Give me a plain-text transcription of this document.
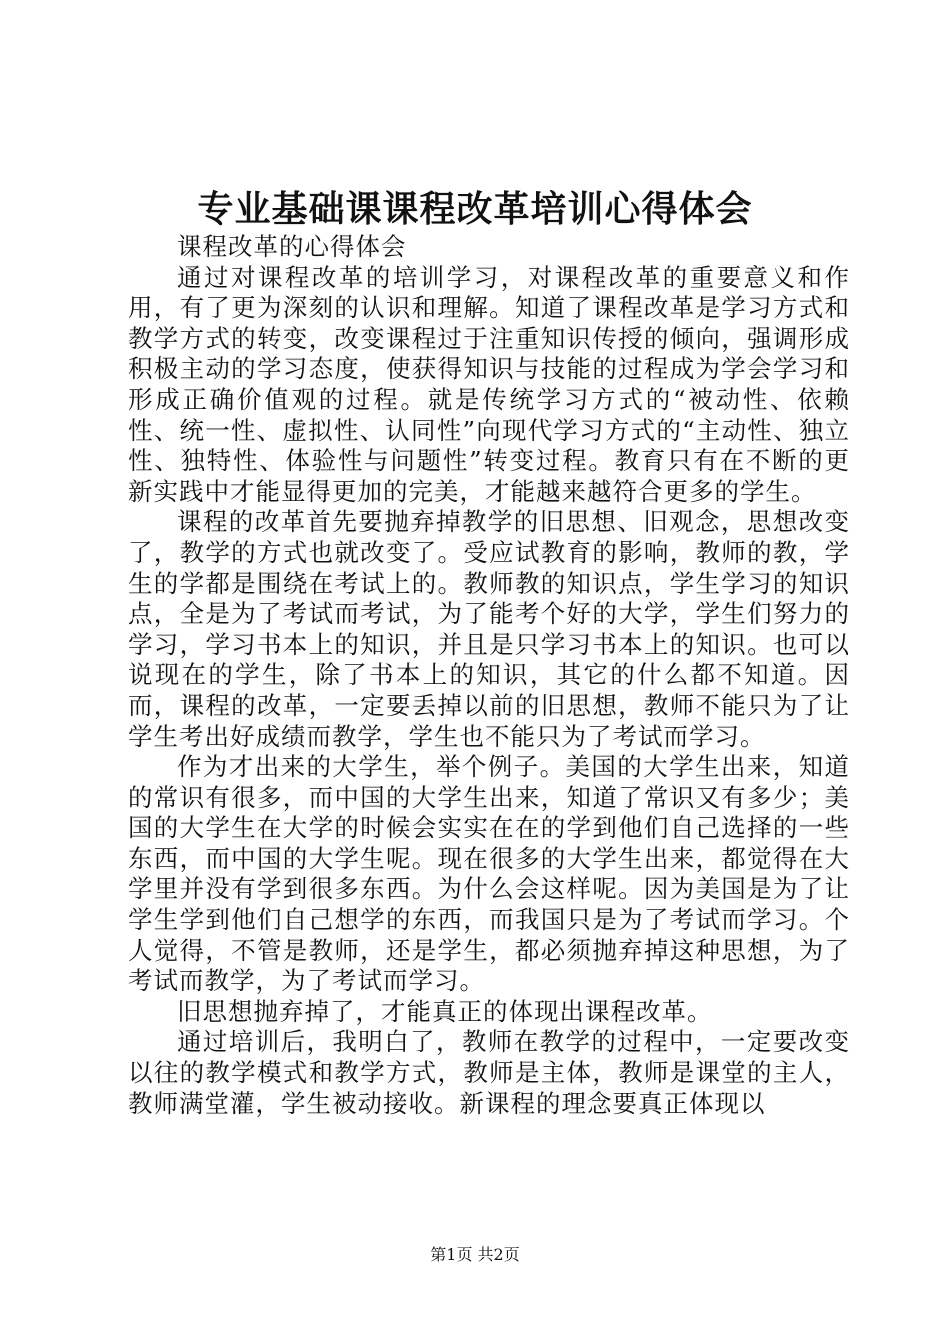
专业基础课课程改革培训心得体会

课程改革的心得体会

通过对课程改革的培训学习，对课程改革的重要意义和作用，有了更为深刻的认识和理解。知道了课程改革是学习方式和教学方式的转变，改变课程过于注重知识传授的倾向，强调形成积极主动的学习态度，使获得知识与技能的过程成为学会学习和形成正确价值观的过程。就是传统学习方式的“被动性、依赖性、统一性、虚拟性、认同性”向现代学习方式的“主动性、独立性、独特性、体验性与问题性”转变过程。教育只有在不断的更新实践中才能显得更加的完美，才能越来越符合更多的学生。

课程的改革首先要抛弃掉教学的旧思想、旧观念，思想改变了，教学的方式也就改变了。受应试教育的影响，教师的教，学生的学都是围绕在考试上的。教师教的知识点，学生学习的知识点，全是为了考试而考试，为了能考个好的大学，学生们努力的学习，学习书本上的知识，并且是只学习书本上的知识。也可以说现在的学生，除了书本上的知识，其它的什么都不知道。因而，课程的改革，一定要丢掉以前的旧思想，教师不能只为了让学生考出好成绩而教学，学生也不能只为了考试而学习。

作为才出来的大学生，举个例子。美国的大学生出来，知道的常识有很多，而中国的大学生出来，知道了常识又有多少；美国的大学生在大学的时候会实实在在的学到他们自己选择的一些东西，而中国的大学生呢。现在很多的大学生出来，都觉得在大学里并没有学到很多东西。为什么会这样呢。因为美国是为了让学生学到他们自己想学的东西，而我国只是为了考试而学习。个人觉得，不管是教师，还是学生，都必须抛弃掉这种思想，为了考试而教学，为了考试而学习。

旧思想抛弃掉了，才能真正的体现出课程改革。

通过培训后，我明白了，教师在教学的过程中，一定要改变以往的教学模式和教学方式，教师是主体，教师是课堂的主人，教师满堂灌，学生被动接收。新课程的理念要真正体现以

第1页 共2页
